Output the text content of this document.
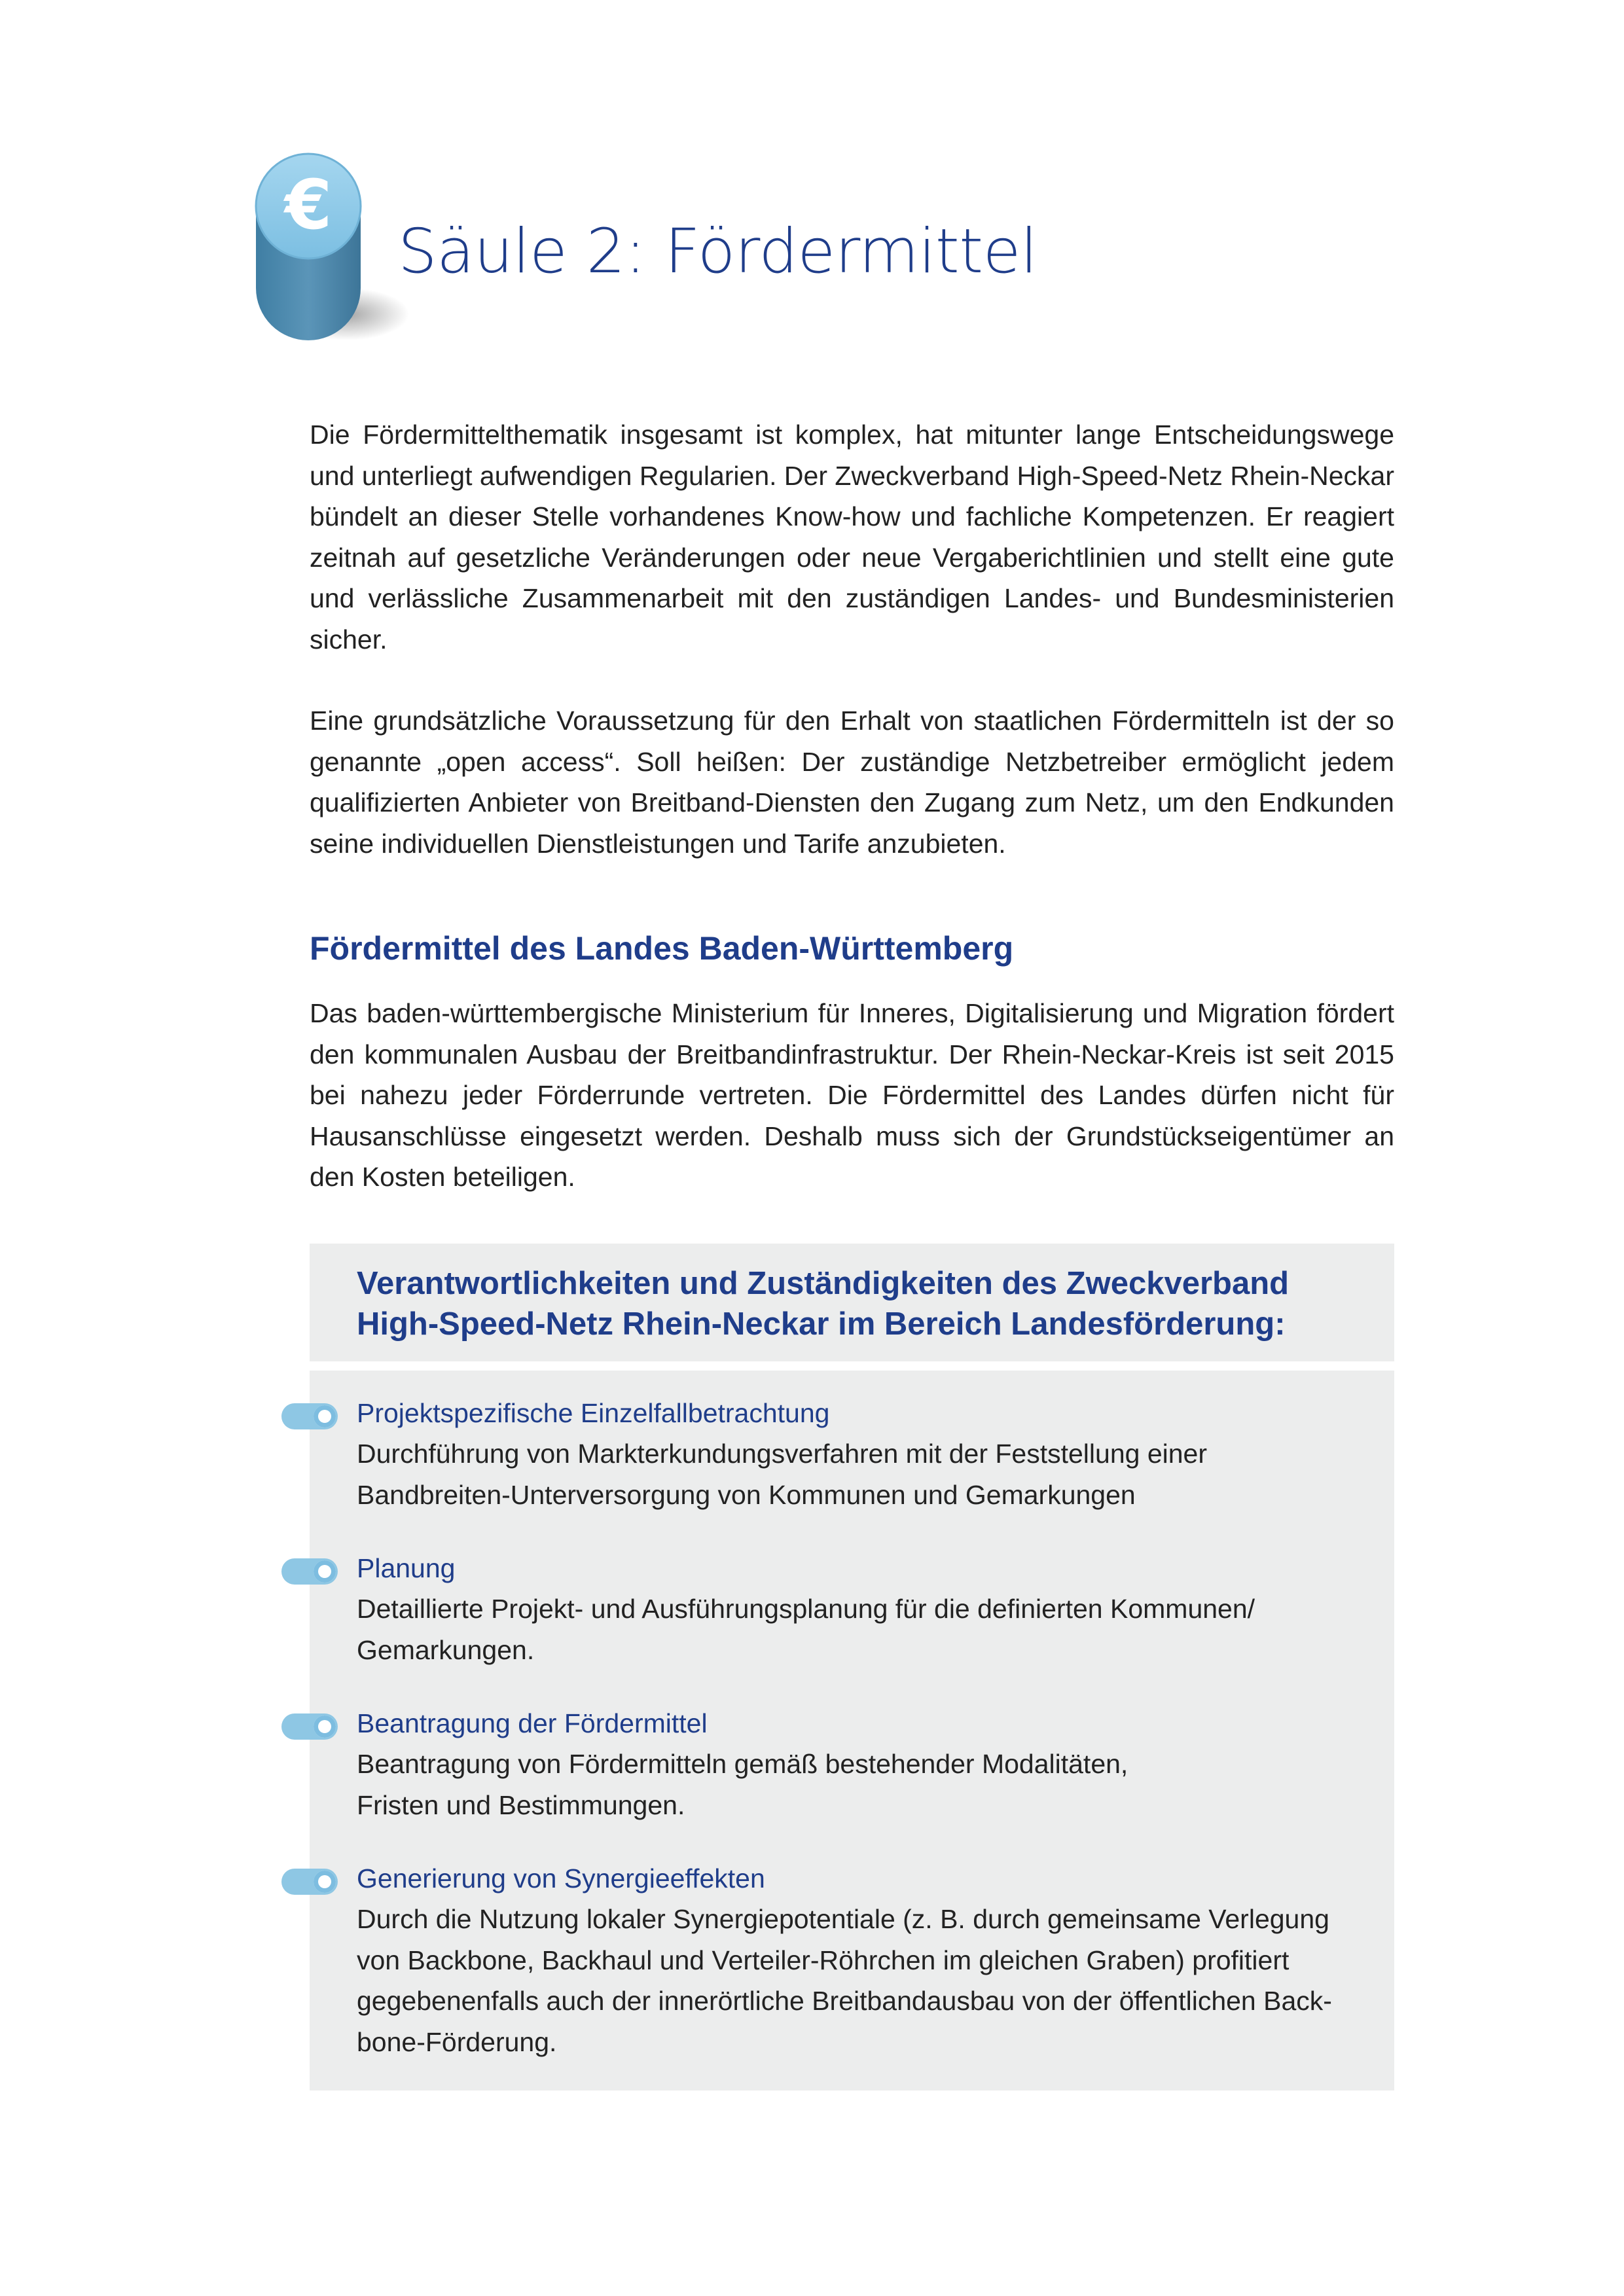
€
Säule 2: Fördermittel

Die Fördermittelthematik insgesamt ist komplex, hat mitunter lange Entscheidungswege und unterliegt aufwendigen Regularien. Der Zweckverband High-Speed-Netz Rhein-Neckar bündelt an dieser Stelle vorhandenes Know-how und fachliche Kompetenzen. Er reagiert zeitnah auf gesetzliche Veränderungen oder neue Vergaberichtlinien und stellt eine gute und verlässliche Zusammenarbeit mit den zuständigen Landes- und Bundesministerien sicher.

Eine grundsätzliche Voraussetzung für den Erhalt von staatlichen Fördermitteln ist der so genannte „open access“. Soll heißen: Der zuständige Netzbetreiber ermöglicht jedem qualifizierten Anbieter von Breitband-Diensten den Zugang zum Netz, um den Endkunden seine individuellen Dienstleistungen und Tarife anzubieten.

Fördermittel des Landes Baden-Württemberg

Das baden-württembergische Ministerium für Inneres, Digitalisierung und Migration fördert den kommunalen Ausbau der Breitbandinfrastruktur. Der Rhein-Neckar-Kreis ist seit 2015 bei nahezu jeder Förderrunde vertreten. Die Fördermittel des Landes dürfen nicht für Hausanschlüsse eingesetzt werden. Deshalb muss sich der Grundstückseigentümer an den Kosten beteiligen.

Verantwortlichkeiten und Zuständigkeiten des Zweckverband
High-Speed-Netz Rhein-Neckar im Bereich Landesförderung:
Projektspezifische Einzelfallbetrachtung
Durchführung von Markterkundungsverfahren mit der Feststellung einer
Bandbreiten-Unterversorgung von Kommunen und Gemarkungen
Planung
Detaillierte Projekt- und Ausführungsplanung für die definierten Kommunen/
Gemarkungen.
Beantragung der Fördermittel
Beantragung von Fördermitteln gemäß bestehender Modalitäten,
Fristen und Bestimmungen.
Generierung von Synergieeffekten
Durch die Nutzung lokaler Synergiepotentiale (z. B. durch gemeinsame Verlegung
von Backbone, Backhaul und Verteiler-Röhrchen im gleichen Graben) profitiert
gegebenenfalls auch der innerörtliche Breitbandausbau von der öffentlichen Back-
bone-Förderung.
